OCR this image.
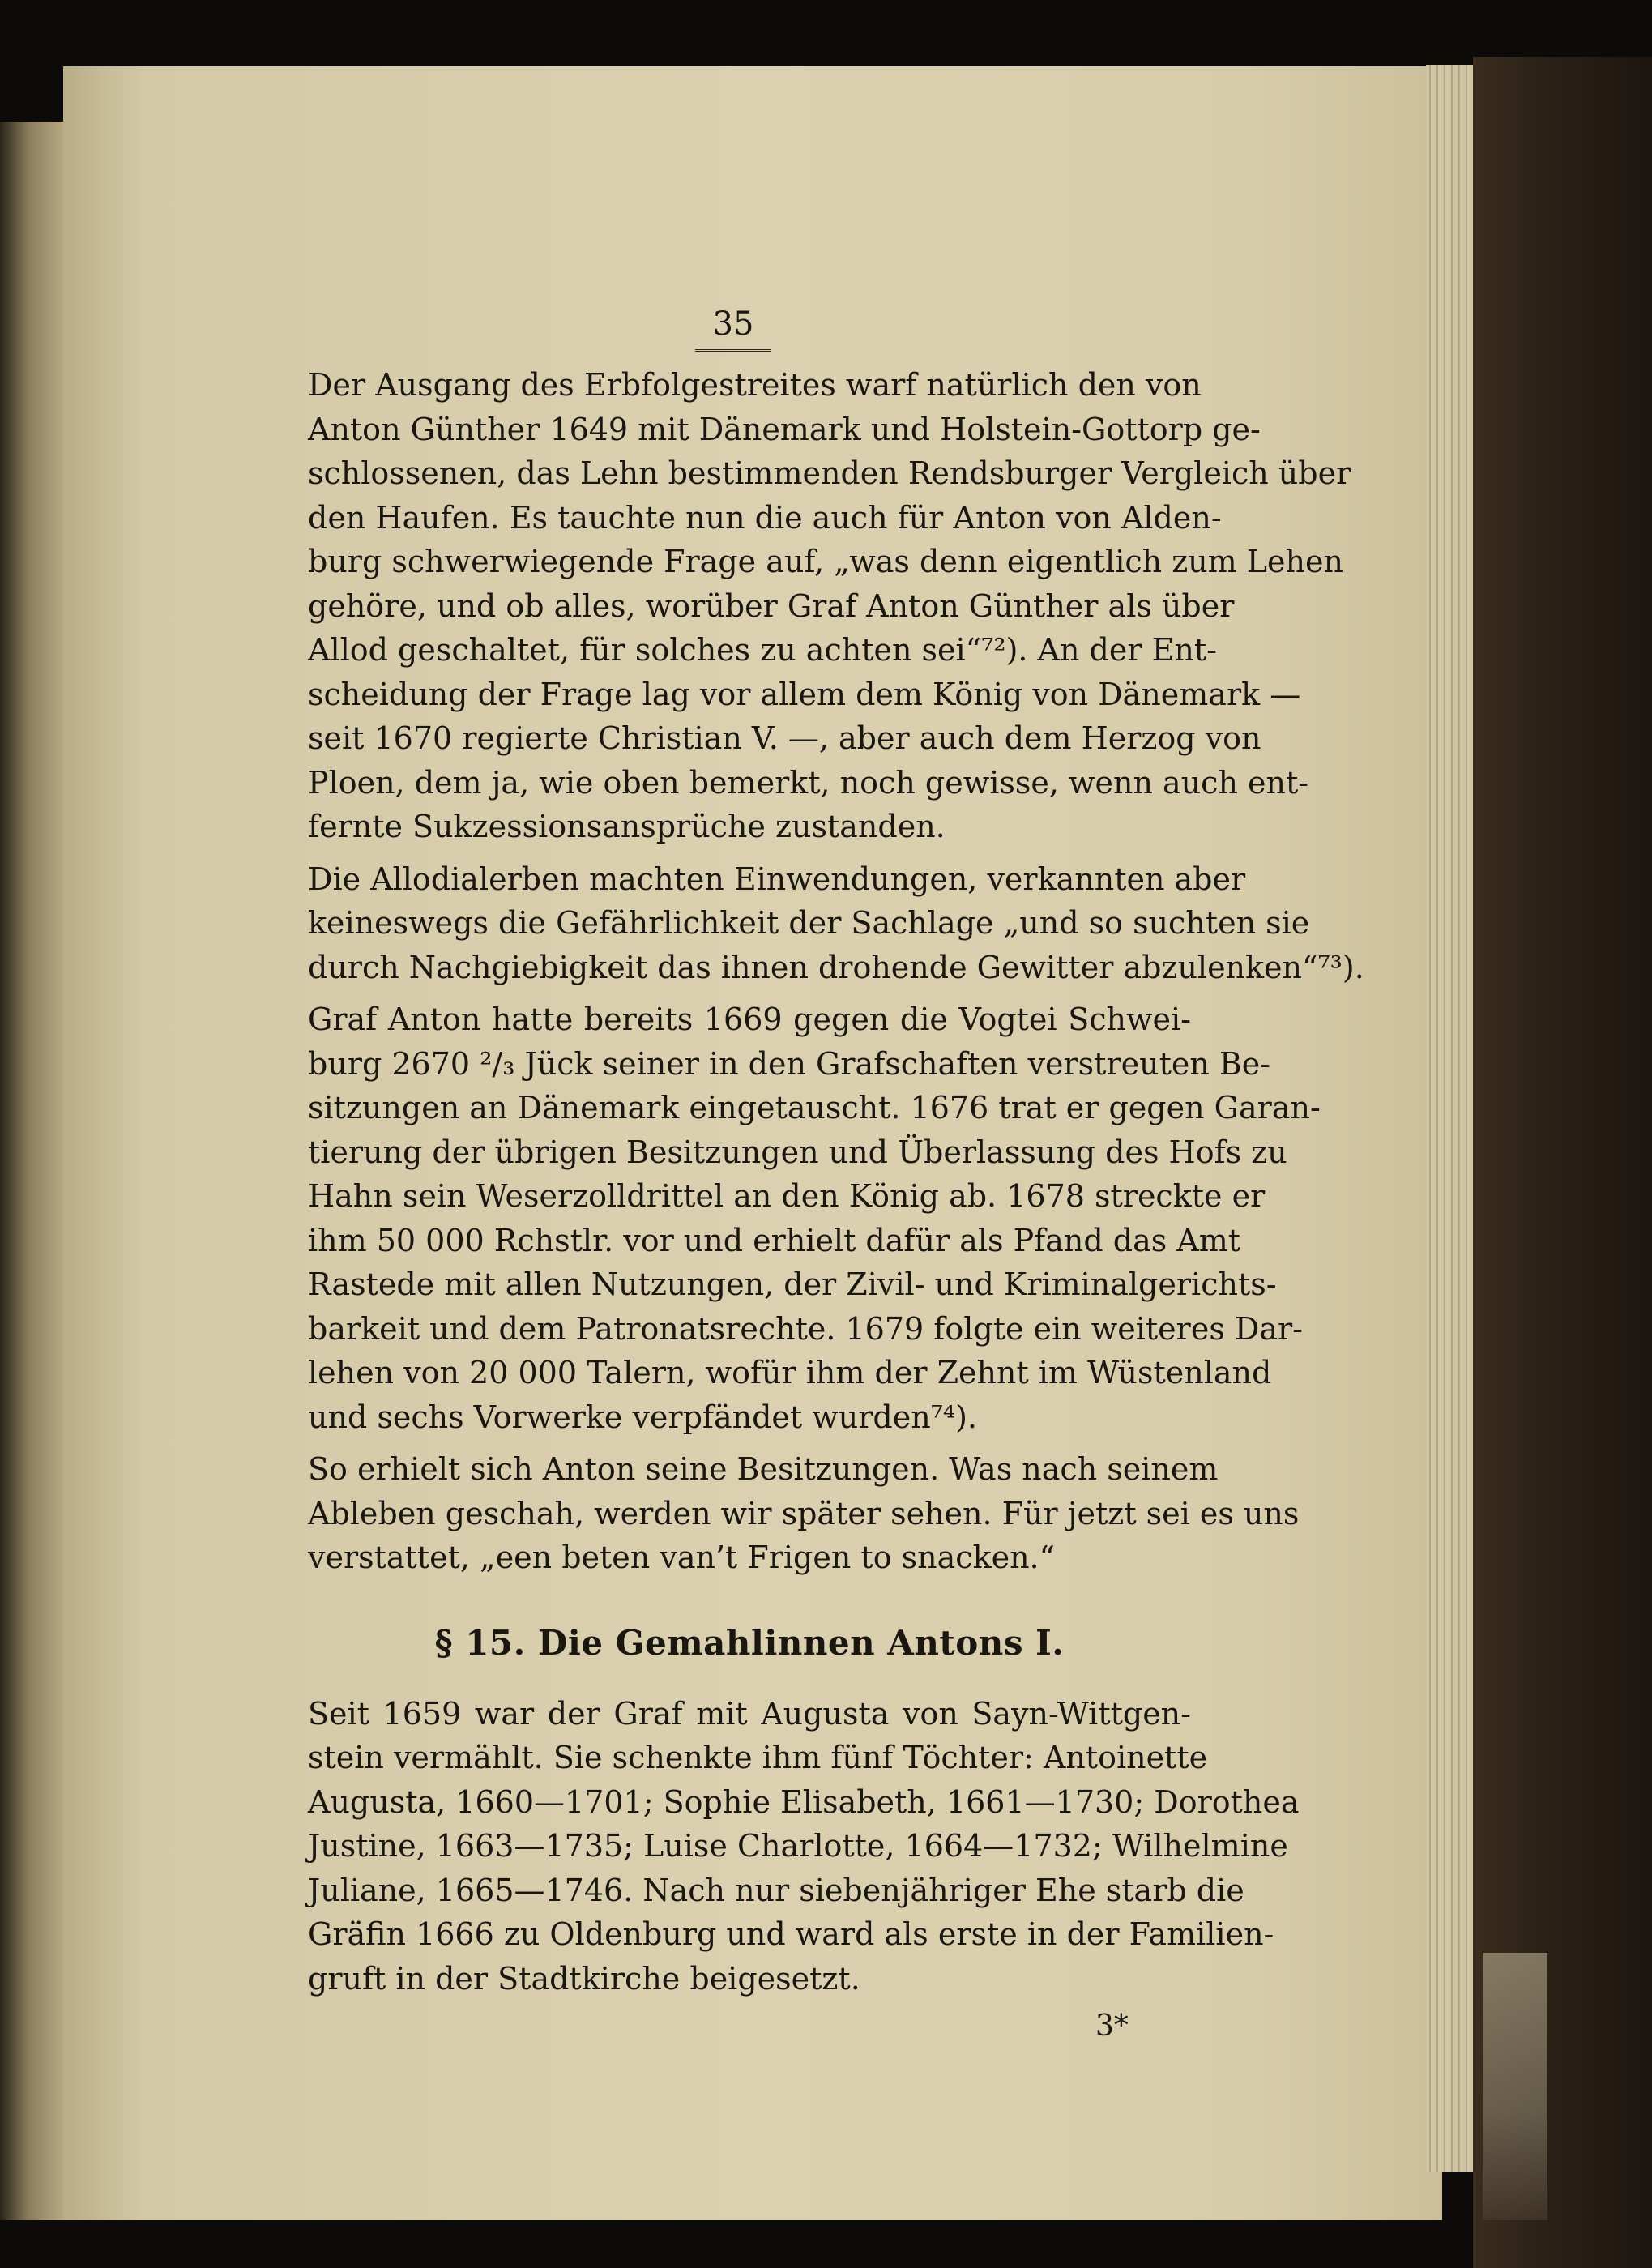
35

Der Ausgang des Erbfolgestreites warf natürlich den von
Anton Günther 1649 mit Dänemark und Holstein-Gottorp ge-
schlossenen, das Lehn bestimmenden Rendsburger Vergleich über
den Haufen. Es tauchte nun die auch für Anton von Alden-
burg schwerwiegende Frage auf, „was denn eigentlich zum Lehen
gehöre, und ob alles, worüber Graf Anton Günther als über
Allod geschaltet, für solches zu achten sei“⁷²). An der Ent-
scheidung der Frage lag vor allem dem König von Dänemark —
seit 1670 regierte Christian V. —, aber auch dem Herzog von
Ploen, dem ja, wie oben bemerkt, noch gewisse, wenn auch ent-
fernte Sukzessionsansprüche zustanden.

Die Allodialerben machten Einwendungen, verkannten aber
keineswegs die Gefährlichkeit der Sachlage „und so suchten sie
durch Nachgiebigkeit das ihnen drohende Gewitter abzulenken“⁷³).

Graf Anton hatte bereits 1669 gegen die Vogtei Schwei-
burg 2670 ²/₃ Jück seiner in den Grafschaften verstreuten Be-
sitzungen an Dänemark eingetauscht. 1676 trat er gegen Garan-
tierung der übrigen Besitzungen und Überlassung des Hofs zu
Hahn sein Weserzolldrittel an den König ab. 1678 streckte er
ihm 50 000 Rchstlr. vor und erhielt dafür als Pfand das Amt
Rastede mit allen Nutzungen, der Zivil- und Kriminalgerichts-
barkeit und dem Patronatsrechte. 1679 folgte ein weiteres Dar-
lehen von 20 000 Talern, wofür ihm der Zehnt im Wüstenland
und sechs Vorwerke verpfändet wurden⁷⁴).

So erhielt sich Anton seine Besitzungen. Was nach seinem
Ableben geschah, werden wir später sehen. Für jetzt sei es uns
verstattet, „een beten van’t Frigen to snacken.“

§ 15. Die Gemahlinnen Antons I.

Seit 1659 war der Graf mit Augusta von Sayn-Wittgen-
stein vermählt. Sie schenkte ihm fünf Töchter: Antoinette
Augusta, 1660—1701; Sophie Elisabeth, 1661—1730; Dorothea
Justine, 1663—1735; Luise Charlotte, 1664—1732; Wilhelmine
Juliane, 1665—1746. Nach nur siebenjähriger Ehe starb die
Gräfin 1666 zu Oldenburg und ward als erste in der Familien-
gruft in der Stadtkirche beigesetzt.

3*
